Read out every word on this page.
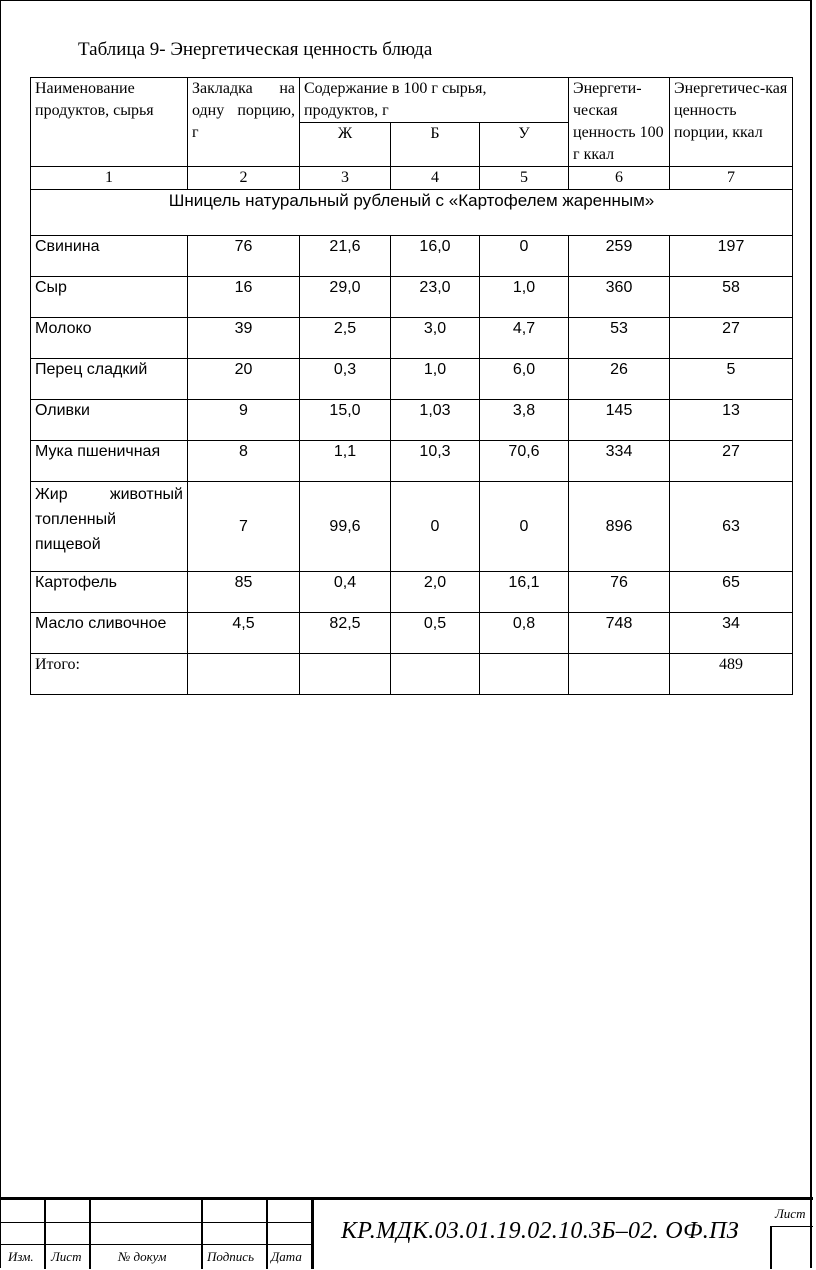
Таблица 9- Энергетическая ценность блюда
Наименование продуктов, сырья	Закладка на одну порцию, г	Содержание в 100 г сырья, продуктов, г			Энергети-ческая ценность 100 г ккал	Энергетичес-кая ценность порции, ккал
		Ж	Б	У		
1	2	3	4	5	6	7
Шницель натуральный рубленый с «Картофелем жаренным»						
Свинина	76	21,6	16,0	0	259	197
Сыр	16	29,0	23,0	1,0	360	58
Молоко	39	2,5	3,0	4,7	53	27
Перец сладкий	20	0,3	1,0	6,0	26	5
Оливки	9	15,0	1,03	3,8	145	13
Мука пшеничная	8	1,1	10,3	70,6	334	27
Жир животный топленный пищевой	7	99,6	0	0	896	63
Картофель	85	0,4	2,0	16,1	76	65
Масло сливочное	4,5	82,5	0,5	0,8	748	34
Итого:						489
Изм. Лист	№ докум	Подпись Дата
КР.МДК.03.01.19.02.10.3Б–02. ОФ.ПЗ
Лист
